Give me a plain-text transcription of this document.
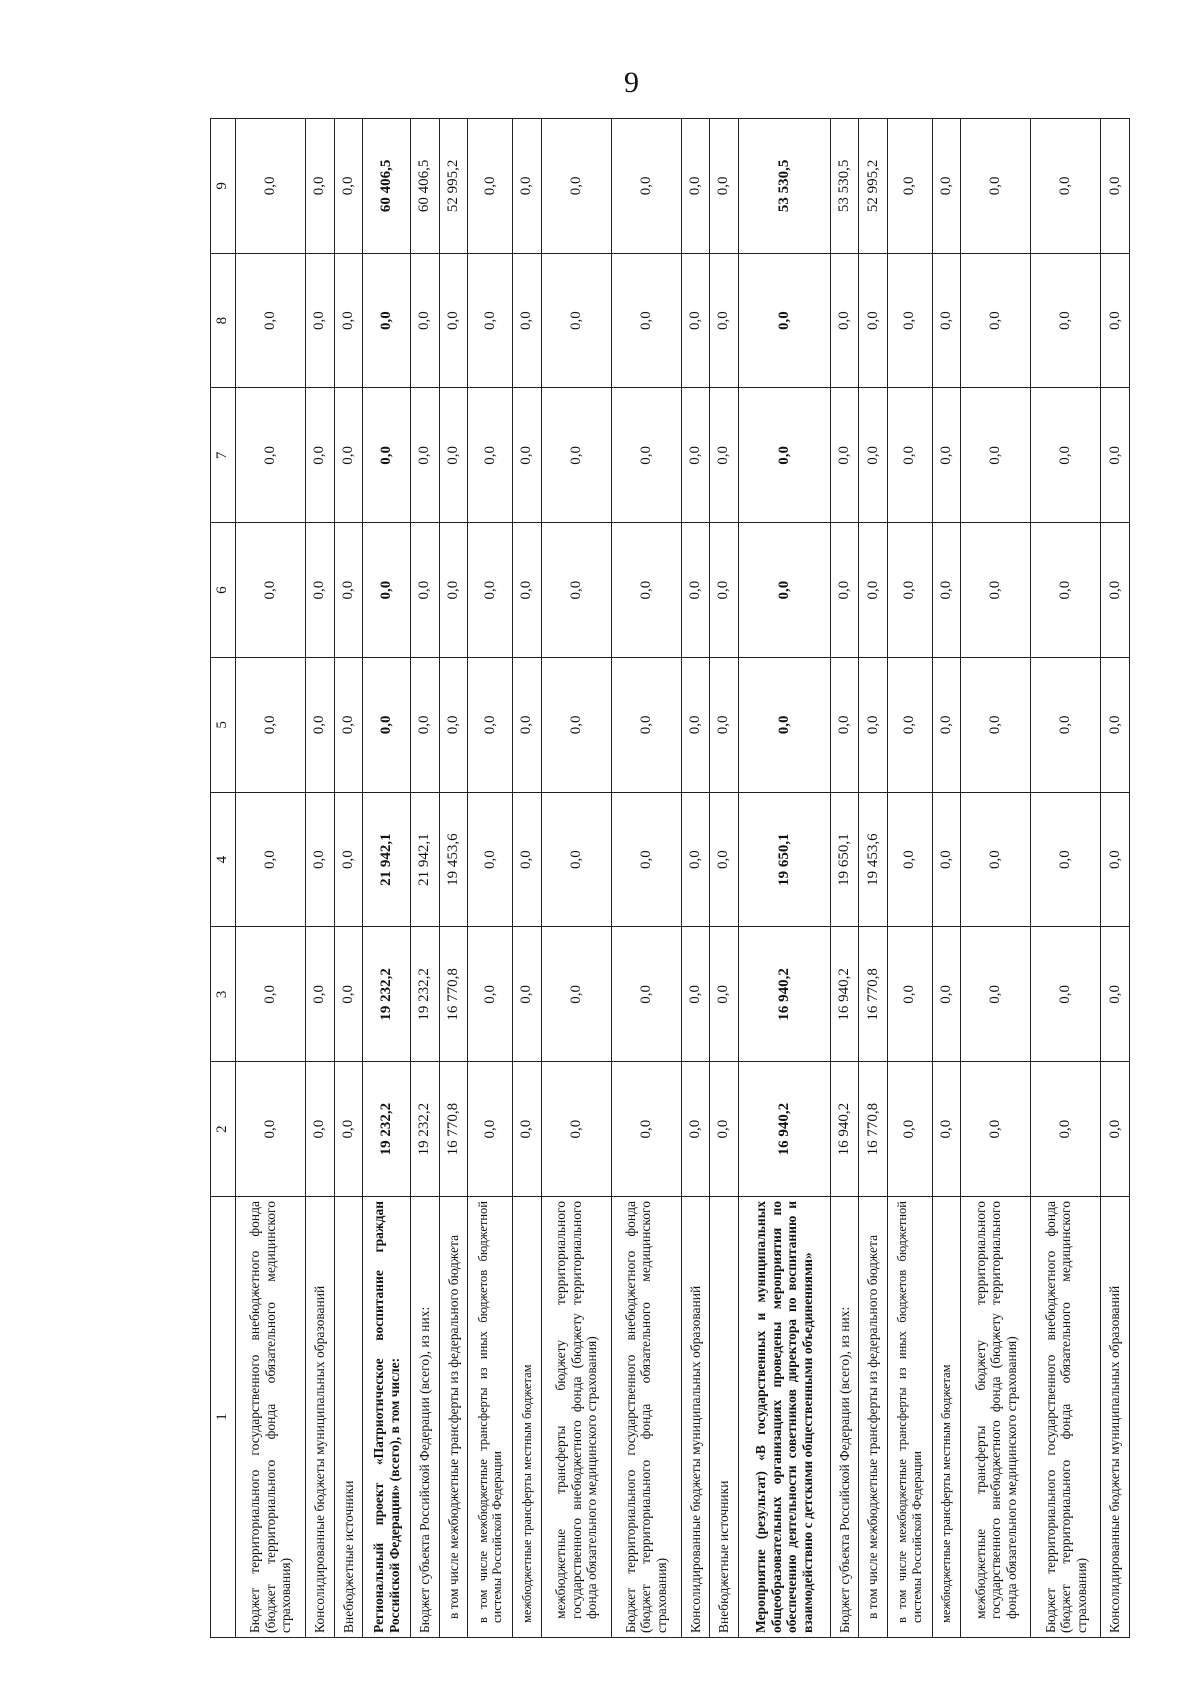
9
1	2	3	4	5	6	7	8	9
Бюджет территориального государственного внебюджетного фонда (бюджет территориального фонда обязательного медицинского страхования)	0,0	0,0	0,0	0,0	0,0	0,0	0,0	0,0
Консолидированные бюджеты муниципальных образований	0,0	0,0	0,0	0,0	0,0	0,0	0,0	0,0
Внебюджетные источники	0,0	0,0	0,0	0,0	0,0	0,0	0,0	0,0
Региональный проект «Патриотическое воспитание граждан Российской Федерации» (всего), в том числе:	19 232,2	19 232,2	21 942,1	0,0	0,0	0,0	0,0	60 406,5
Бюджет субъекта Российской Федерации (всего), из них:	19 232,2	19 232,2	21 942,1	0,0	0,0	0,0	0,0	60 406,5
в том числе межбюджетные трансферты из федерального бюджета	16 770,8	16 770,8	19 453,6	0,0	0,0	0,0	0,0	52 995,2
в том числе межбюджетные трансферты из иных бюджетов бюджетной системы Российской Федерации	0,0	0,0	0,0	0,0	0,0	0,0	0,0	0,0
межбюджетные трансферты местным бюджетам	0,0	0,0	0,0	0,0	0,0	0,0	0,0	0,0
межбюджетные трансферты бюджету территориального государственного внебюджетного фонда (бюджету территориального фонда обязательного медицинского страхования)	0,0	0,0	0,0	0,0	0,0	0,0	0,0	0,0
Бюджет территориального государственного внебюджетного фонда (бюджет территориального фонда обязательного медицинского страхования)	0,0	0,0	0,0	0,0	0,0	0,0	0,0	0,0
Консолидированные бюджеты муниципальных образований	0,0	0,0	0,0	0,0	0,0	0,0	0,0	0,0
Внебюджетные источники	0,0	0,0	0,0	0,0	0,0	0,0	0,0	0,0
Мероприятие (результат) «В государственных и муниципальных общеобразовательных организациях проведены мероприятия по обеспечению деятельности советников директора по воспитанию и взаимодействию с детскими общественными объединениями»	16 940,2	16 940,2	19 650,1	0,0	0,0	0,0	0,0	53 530,5
Бюджет субъекта Российской Федерации (всего), из них:	16 940,2	16 940,2	19 650,1	0,0	0,0	0,0	0,0	53 530,5
в том числе межбюджетные трансферты из федерального бюджета	16 770,8	16 770,8	19 453,6	0,0	0,0	0,0	0,0	52 995,2
в том числе межбюджетные трансферты из иных бюджетов бюджетной системы Российской Федерации	0,0	0,0	0,0	0,0	0,0	0,0	0,0	0,0
межбюджетные трансферты местным бюджетам	0,0	0,0	0,0	0,0	0,0	0,0	0,0	0,0
межбюджетные трансферты бюджету территориального государственного внебюджетного фонда (бюджету территориального фонда обязательного медицинского страхования)	0,0	0,0	0,0	0,0	0,0	0,0	0,0	0,0
Бюджет территориального государственного внебюджетного фонда (бюджет территориального фонда обязательного медицинского страхования)	0,0	0,0	0,0	0,0	0,0	0,0	0,0	0,0
Консолидированные бюджеты муниципальных образований	0,0	0,0	0,0	0,0	0,0	0,0	0,0	0,0
